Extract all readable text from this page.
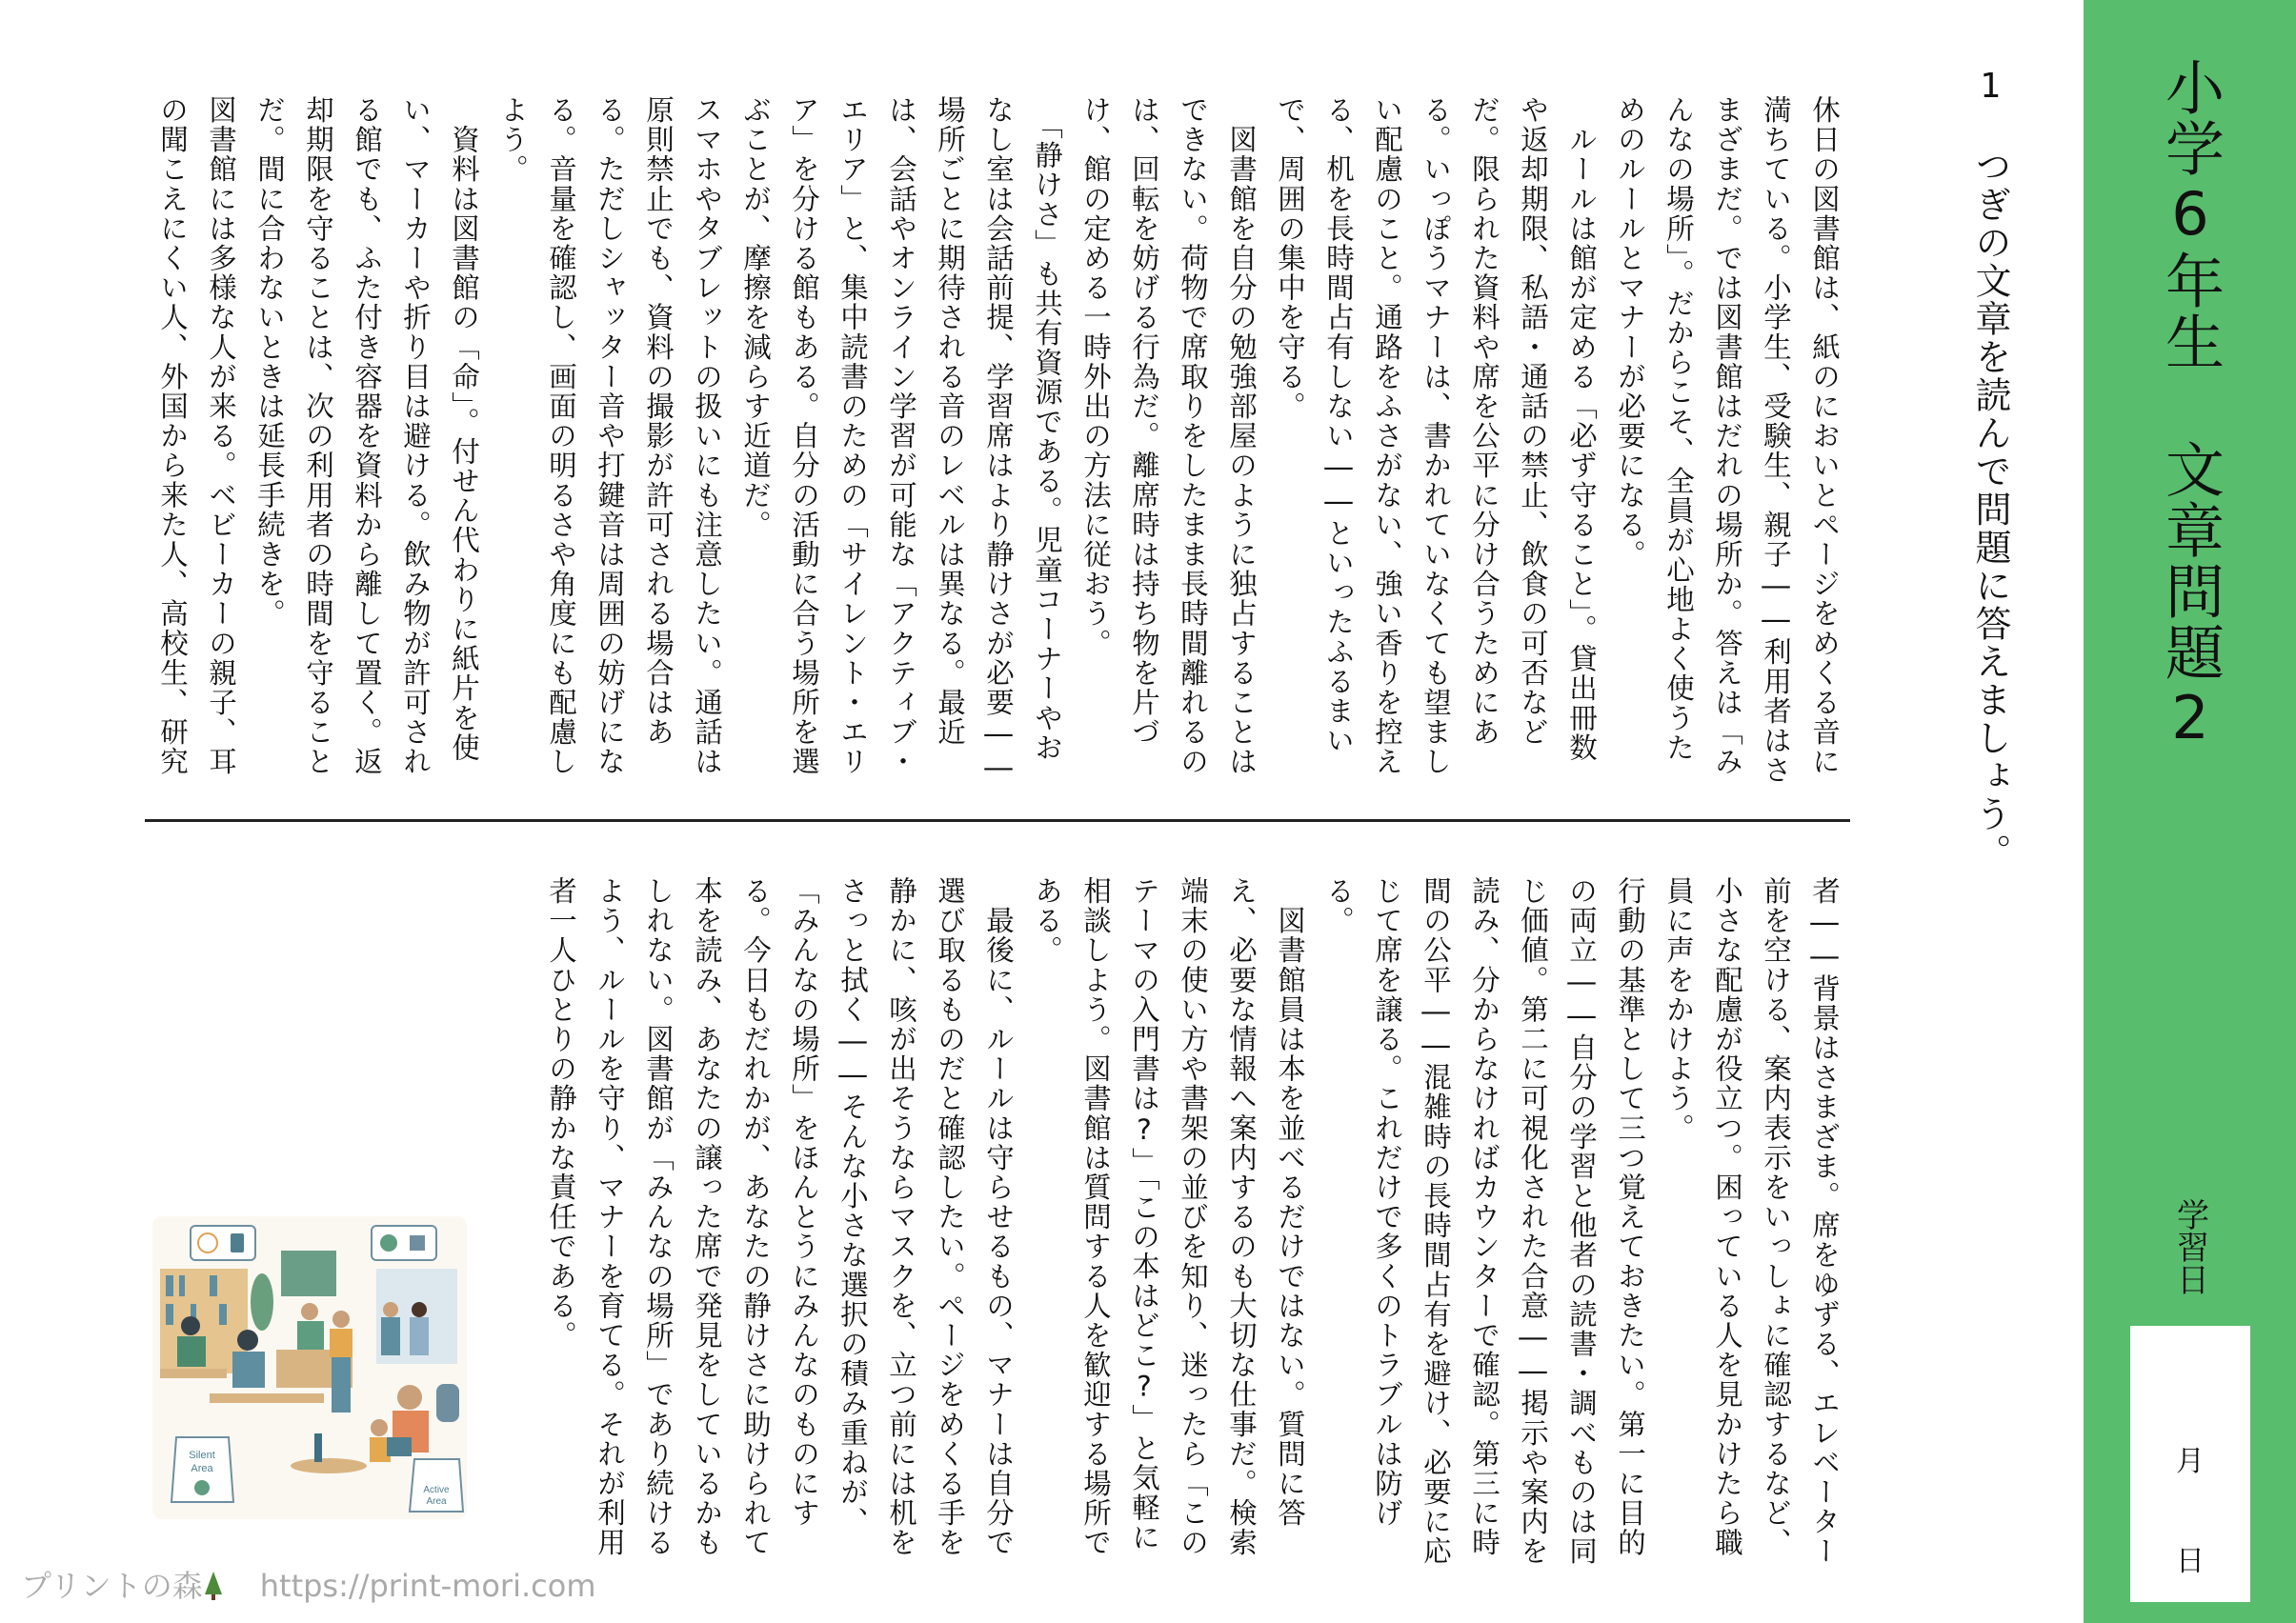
小学6年生
文章問題2
学習日
月
日
1
つぎの文章を読んで問題に答えましょう。
休日の図書館は、紙のにおいとページをめくる音に
満ちている。小学生、受験生、親子――利用者はさ
まざまだ。では図書館はだれの場所か。答えは「み
んなの場所」。だからこそ、全員が心地よく使うた
めのルールとマナーが必要になる。
　ルールは館が定める「必ず守ること」。貸出冊数
や返却期限、私語・通話の禁止、飲食の可否など
だ。限られた資料や席を公平に分け合うためにあ
る。いっぽうマナーは、書かれていなくても望まし
い配慮のこと。通路をふさがない、強い香りを控え
る、机を長時間占有しない――といったふるまい
で、周囲の集中を守る。
　図書館を自分の勉強部屋のように独占することは
できない。荷物で席取りをしたまま長時間離れるの
は、回転を妨げる行為だ。離席時は持ち物を片づ
け、館の定める一時外出の方法に従おう。
　「静けさ」も共有資源である。児童コーナーやお
なし室は会話前提、学習席はより静けさが必要――
場所ごとに期待される音のレベルは異なる。最近
は、会話やオンライン学習が可能な「アクティブ・
エリア」と、集中読書のための「サイレント・エリ
ア」を分ける館もある。自分の活動に合う場所を選
ぶことが、摩擦を減らす近道だ。
スマホやタブレットの扱いにも注意したい。通話は
原則禁止でも、資料の撮影が許可される場合はあ
る。ただしシャッター音や打鍵音は周囲の妨げにな
る。音量を確認し、画面の明るさや角度にも配慮し
よう。
　資料は図書館の「命」。付せん代わりに紙片を使
い、マーカーや折り目は避ける。飲み物が許可され
る館でも、ふた付き容器を資料から離して置く。返
却期限を守ることは、次の利用者の時間を守ること
だ。間に合わないときは延長手続きを。
図書館には多様な人が来る。ベビーカーの親子、耳
の聞こえにくい人、外国から来た人、高校生、研究
者――背景はさまざま。席をゆずる、エレベーター
前を空ける、案内表示をいっしょに確認するなど、
小さな配慮が役立つ。困っている人を見かけたら職
員に声をかけよう。
行動の基準として三つ覚えておきたい。第一に目的
の両立――自分の学習と他者の読書・調べものは同
じ価値。第二に可視化された合意――掲示や案内を
読み、分からなければカウンターで確認。第三に時
間の公平――混雑時の長時間占有を避け、必要に応
じて席を譲る。これだけで多くのトラブルは防げ
る。
　図書館員は本を並べるだけではない。質問に答
え、必要な情報へ案内するのも大切な仕事だ。検索
端末の使い方や書架の並びを知り、迷ったら「この
テーマの入門書は?」「この本はどこ?」と気軽に
相談しよう。図書館は質問する人を歓迎する場所で
ある。
　最後に、ルールは守らせるもの、マナーは自分で
選び取るものだと確認したい。ページをめくる手を
静かに、咳が出そうならマスクを、立つ前には机を
さっと拭く――そんな小さな選択の積み重ねが、
「みんなの場所」をほんとうにみんなのものにす
る。今日もだれかが、あなたの静けさに助けられて
本を読み、あなたの譲った席で発見をしているかも
しれない。図書館が「みんなの場所」であり続ける
よう、ルールを守り、マナーを育てる。それが利用
者一人ひとりの静かな責任である。
Silent
Area
Active
Area
プリントの森 https://print-mori.com
